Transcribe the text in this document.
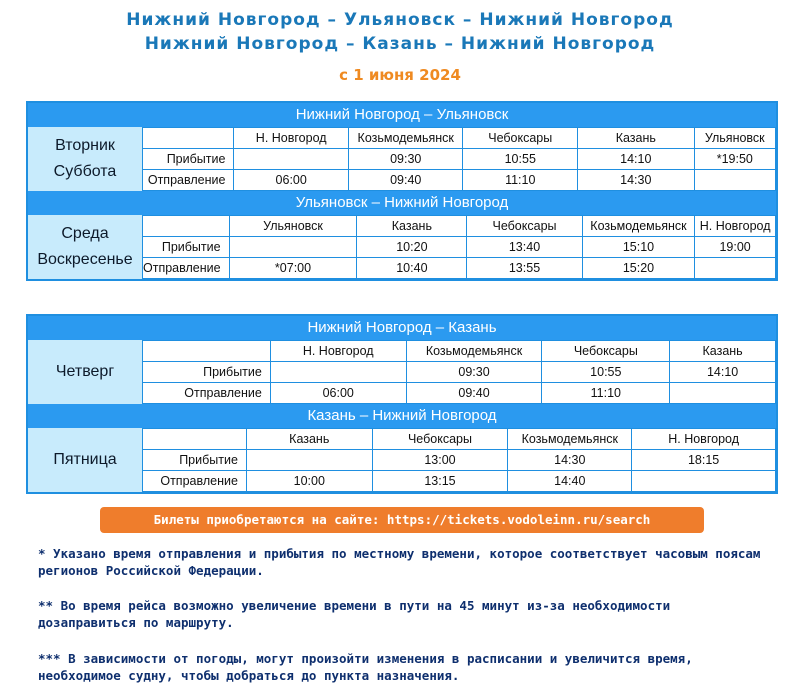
Нижний Новгород – Ульяновск – Нижний Новгород
Нижний Новгород – Казань – Нижний Новгород
с 1 июня 2024
Нижний Новгород – Ульяновск
Вторник
Суббота
	Н. Новгород	Козьмодемьянск	Чебоксары	Казань	Ульяновск
Прибытие		09:30	10:55	14:10	*19:50
Отправление	06:00	09:40	11:10	14:30	
Ульяновск – Нижний Новгород
Среда
Воскресенье
	Ульяновск	Казань	Чебоксары	Козьмодемьянск	Н. Новгород
Прибытие		10:20	13:40	15:10	19:00
Отправление	*07:00	10:40	13:55	15:20	
Нижний Новгород – Казань
Четверг
	Н. Новгород	Козьмодемьянск	Чебоксары	Казань
Прибытие		09:30	10:55	14:10
Отправление	06:00	09:40	11:10	
Казань – Нижний Новгород
Пятница
	Казань	Чебоксары	Козьмодемьянск	Н. Новгород
Прибытие		13:00	14:30	18:15
Отправление	10:00	13:15	14:40	
Билеты приобретаются на сайте: https://tickets.vodoleinn.ru/search
* Указано время отправления и прибытия по местному времени, которое соответствует часовым поясам регионов Российской Федерации.
** Во время рейса возможно увеличение времени в пути на 45 минут из-за необходимости дозаправиться по маршруту.
*** В зависимости от погоды, могут произойти изменения в расписании и увеличится время, необходимое судну, чтобы добраться до пункта назначения.
